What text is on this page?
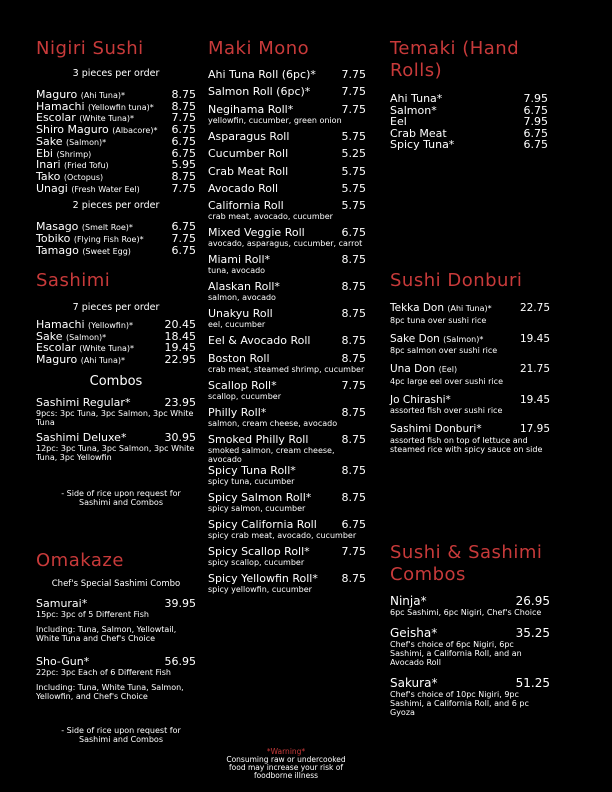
Nigiri Sushi
3 pieces per order
Maguro (Ahi Tuna)*	8.75
Hamachi (Yellowfin tuna)* 8.75
Escolar (White Tuna)*	7.75
Shiro Maguro (Albacore)* 6.75
Sake (Salmon)*	6.75
Ebi (Shrimp)	6.75
Inari (Fried Tofu)	5.95
Tako (Octopus)	8.75
Unagi (Fresh Water Eel)	7.75
2 pieces per order
Masago (Smelt Roe)*	6.75
Tobiko (Flying Fish Roe)*	7.75
Tamago (Sweet Egg)	6.75
Sashimi
7 pieces per order
Hamachi (Yellowfin)*	20.45
Sake (Salmon)*	18.45
Escolar (White Tuna)*	19.45
Maguro (Ahi Tuna)*	22.95
Combos
Sashimi Regular*	23.95
9pcs: 3pc Tuna, 3pc Salmon, 3pc White Tuna
Sashimi Deluxe*	30.95
12pc: 3pc Tuna, 3pc Salmon, 3pc White Tuna, 3pc Yellowfin
- Side of rice upon request for Sashimi and Combos
Omakaze
Chef's Special Sashimi Combo
Samurai*	39.95
15pc: 3pc of 5 Different Fish
Including: Tuna, Salmon, Yellowtail, White Tuna and Chef's Choice
Sho-Gun*	56.95
22pc: 3pc Each of 6 Different Fish
Including: Tuna, White Tuna, Salmon, Yellowfin, and Chef's Choice
- Side of rice upon request for Sashimi and Combos
Maki Mono
Ahi Tuna Roll (6pc)* 7.75
Salmon Roll (6pc)*	7.75
Negihama Roll*	7.75
yellowfin, cucumber, green onion
Asparagus Roll	5.75
Cucumber Roll	5.25
Crab Meat Roll	5.75
Avocado Roll	5.75
California Roll	5.75
crab meat, avocado, cucumber
Mixed Veggie Roll	6.75
avocado, asparagus, cucumber, carrot
Miami Roll*	8.75
tuna, avocado
Alaskan Roll*	8.75
salmon, avocado
Unakyu Roll	8.75
eel, cucumber
Eel & Avocado Roll	8.75
Boston Roll	8.75
crab meat, steamed shrimp, cucumber
Scallop Roll*	7.75
scallop, cucumber
Philly Roll*	8.75
salmon, cream cheese, avocado
Smoked Philly Roll	8.75
smoked salmon, cream cheese, avocado
Spicy Tuna Roll*	8.75
spicy tuna, cucumber
Spicy Salmon Roll*	8.75
spicy salmon, cucumber
Spicy California Roll 6.75
spicy crab meat, avocado, cucumber
Spicy Scallop Roll*	7.75
spicy scallop, cucumber
Spicy Yellowfin Roll* 8.75
spicy yellowfin, cucumber
*Warning*
Consuming raw or undercooked food may increase your risk of foodborne illness
Temaki (Hand Rolls)
Ahi Tuna*	7.95
Salmon*	6.75
Eel	7.95
Crab Meat	6.75
Spicy Tuna*	6.75
Sushi Donburi
Tekka Don (Ahi Tuna)*	22.75
8pc tuna over sushi rice
Sake Don (Salmon)*	19.45
8pc salmon over sushi rice
Una Don (Eel)	21.75
4pc large eel over sushi rice
Jo Chirashi*	19.45
assorted fish over sushi rice
Sashimi Donburi*	17.95
assorted fish on top of lettuce and steamed rice with spicy sauce on side
Sushi & Sashimi Combos
Ninja*	26.95
6pc Sashimi, 6pc Nigiri, Chef's Choice
Geisha*	35.25
Chef's choice of 6pc Nigiri, 6pc Sashimi, a California Roll, and an Avocado Roll
Sakura*	51.25
Chef's choice of 10pc Nigiri, 9pc Sashimi, a California Roll, and 6 pc Gyoza
